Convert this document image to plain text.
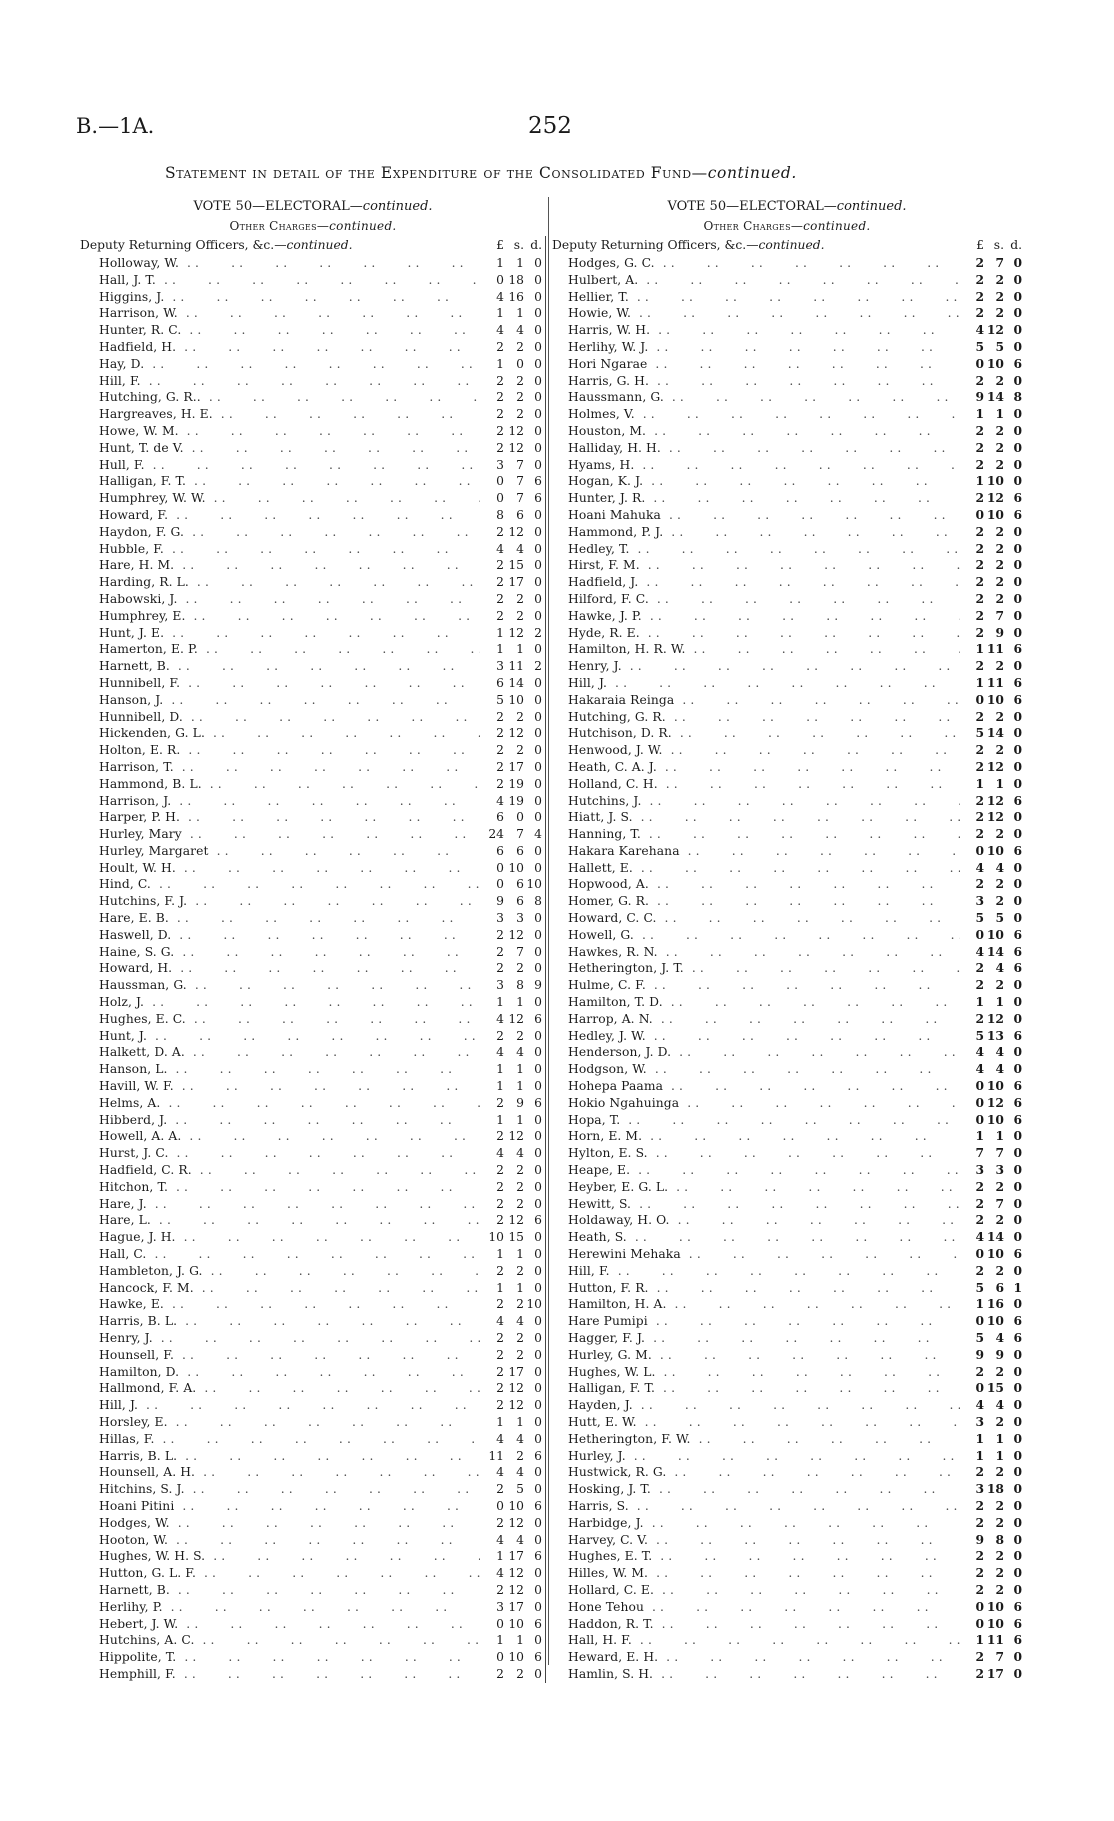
B.—1A.	252
Statement in detail of the Expenditure of the Consolidated Fund—continued.
VOTE 50—ELECTORAL—continued.
Other Charges—continued.
Deputy Returning Officers, &c.—continued.	£ s. d.
Holloway, W. . .	1 1 0
Hall, J. T. . .	0 18 0
Higgins, J. . .	4 16 0
Harrison, W. . .	1 1 0
Hunter, R. C. . .	4 4 0
Hadfield, H. . .	2 2 0
Hay, D. . .	1 0 0
Hill, F. . .	2 2 0
Hutching, G. R.. . .	2 2 0
Hargreaves, H. E. . .	2 2 0
Howe, W. M. . .	2 12 0
Hunt, T. de V. . .	2 12 0
Hull, F. . .	3 7 0
Halligan, F. T. . .	0 7 6
Humphrey, W. W. . .	0 7 6
Howard, F. . .	8 6 0
Haydon, F. G. . .	2 12 0
Hubble, F. . .	4 4 0
Hare, H. M. . .	2 15 0
Harding, R. L. . .	2 17 0
Habowski, J. . .	2 2 0
Humphrey, E. . .	2 2 0
Hunt, J. E. . .	1 12 2
Hamerton, E. P. . .	1 1 0
Harnett, B. . .	3 11 2
Hunnibell, F. . .	6 14 0
Hanson, J. . .	5 10 0
Hunnibell, D. . .	2 2 0
Hickenden, G. L. . .	2 12 0
Holton, E. R. . .	2 2 0
Harrison, T. . .	2 17 0
Hammond, B. L. . .	2 19 0
Harrison, J. . .	4 19 0
Harper, P. H. . .	6 0 0
Hurley, Mary . .	24 7 4
Hurley, Margaret . .	6 6 0
Hoult, W. H. . .	0 10 0
Hind, C. . .	0 6 10
Hutchins, F. J. . .	9 6 8
Hare, E. B. . .	3 3 0
Haswell, D. . .	2 12 0
Haine, S. G. . .	2 7 0
Howard, H. . .	2 2 0
Haussman, G. . .	3 8 9
Holz, J. . .	1 1 0
Hughes, E. C. . .	4 12 6
Hunt, J. . .	2 2 0
Halkett, D. A. . .	4 4 0
Hanson, L. . .	1 1 0
Havill, W. F. . .	1 1 0
Helms, A. . .	2 9 6
Hibberd, J. . .	1 1 0
Howell, A. A. . .	2 12 0
Hurst, J. C. . .	4 4 0
Hadfield, C. R. . .	2 2 0
Hitchon, T. . .	2 2 0
Hare, J. . .	2 2 0
Hare, L. . .	2 12 6
Hague, J. H. . .	10 15 0
Hall, C. . .	1 1 0
Hambleton, J. G. . .	2 2 0
Hancock, F. M. . .	1 1 0
Hawke, E. . .	2 2 10
Harris, B. L. . .	4 4 0
Henry, J. . .	2 2 0
Hounsell, F. . .	2 2 0
Hamilton, D. . .	2 17 0
Hallmond, F. A. . .	2 12 0
Hill, J. . .	2 12 0
Horsley, E. . .	1 1 0
Hillas, F. . .	4 4 0
Harris, B. L. . .	11 2 6
Hounsell, A. H. . .	4 4 0
Hitchins, S. J. . .	2 5 0
Hoani Pitini . .	0 10 6
Hodges, W. . .	2 12 0
Hooton, W. . .	4 4 0
Hughes, W. H. S. . .	1 17 6
Hutton, G. L. F. . .	4 12 0
Harnett, B. . .	2 12 0
Herlihy, P. . .	3 17 0
Hebert, J. W. . .	0 10 6
Hutchins, A. C. . .	1 1 0
Hippolite, T. . .	0 10 6
Hemphill, F. . .	2 2 0
VOTE 50—ELECTORAL—continued.
Other Charges—continued.
Deputy Returning Officers, &c.—continued.	£ s. d.
Hodges, G. C. . .	2 7 0
Hulbert, A. . .	2 2 0
Hellier, T. . .	2 2 0
Howie, W. . .	2 2 0
Harris, W. H. . .	4 12 0
Herlihy, W. J. . .	5 5 0
Hori Ngarae . .	0 10 6
Harris, G. H. . .	2 2 0
Haussmann, G. . .	9 14 8
Holmes, V. . .	1 1 0
Houston, M. . .	2 2 0
Halliday, H. H. . .	2 2 0
Hyams, H. . .	2 2 0
Hogan, K. J. . .	1 10 0
Hunter, J. R. . .	2 12 6
Hoani Mahuka . .	0 10 6
Hammond, P. J. . .	2 2 0
Hedley, T. . .	2 2 0
Hirst, F. M. . .	2 2 0
Hadfield, J. . .	2 2 0
Hilford, F. C. . .	2 2 0
Hawke, J. P. . .	2 7 0
Hyde, R. E. . .	2 9 0
Hamilton, H. R. W. . .	1 11 6
Henry, J. . .	2 2 0
Hill, J. . .	1 11 6
Hakaraia Reinga . .	0 10 6
Hutching, G. R. . .	2 2 0
Hutchison, D. R. . .	5 14 0
Henwood, J. W. . .	2 2 0
Heath, C. A. J. . .	2 12 0
Holland, C. H. . .	1 1 0
Hutchins, J. . .	2 12 6
Hiatt, J. S. . .	2 12 0
Hanning, T. . .	2 2 0
Hakara Karehana . .	0 10 6
Hallett, E. . .	4 4 0
Hopwood, A. . .	2 2 0
Homer, G. R. . .	3 2 0
Howard, C. C. . .	5 5 0
Howell, G. . .	0 10 6
Hawkes, R. N. . .	4 14 6
Hetherington, J. T. . .	2 4 6
Hulme, C. F. . .	2 2 0
Hamilton, T. D. . .	1 1 0
Harrop, A. N. . .	2 12 0
Hedley, J. W. . .	5 13 6
Henderson, J. D. . .	4 4 0
Hodgson, W. . .	4 4 0
Hohepa Paama . .	0 10 6
Hokio Ngahuinga . .	0 12 6
Hopa, T. . .	0 10 6
Horn, E. M. . .	1 1 0
Hylton, E. S. . .	7 7 0
Heape, E. . .	3 3 0
Heyber, E. G. L. . .	2 2 0
Hewitt, S. . .	2 7 0
Holdaway, H. O. . .	2 2 0
Heath, S. . .	4 14 0
Herewini Mehaka . .	0 10 6
Hill, F. . .	2 2 0
Hutton, F. R. . .	5 6 1
Hamilton, H. A. . .	1 16 0
Hare Pumipi . .	0 10 6
Hagger, F. J. . .	5 4 6
Hurley, G. M. . .	9 9 0
Hughes, W. L. . .	2 2 0
Halligan, F. T. . .	0 15 0
Hayden, J. . .	4 4 0
Hutt, E. W. . .	3 2 0
Hetherington, F. W. . .	1 1 0
Hurley, J. . .	1 1 0
Hustwick, R. G. . .	2 2 0
Hosking, J. T. . .	3 18 0
Harris, S. . .	2 2 0
Harbidge, J. . .	2 2 0
Harvey, C. V. . .	9 8 0
Hughes, E. T. . .	2 2 0
Hilles, W. M. . .	2 2 0
Hollard, C. E. . .	2 2 0
Hone Tehou . .	0 10 6
Haddon, R. T. . .	0 10 6
Hall, H. F. . .	1 11 6
Heward, E. H. . .	2 7 0
Hamlin, S. H. . .	2 17 0
